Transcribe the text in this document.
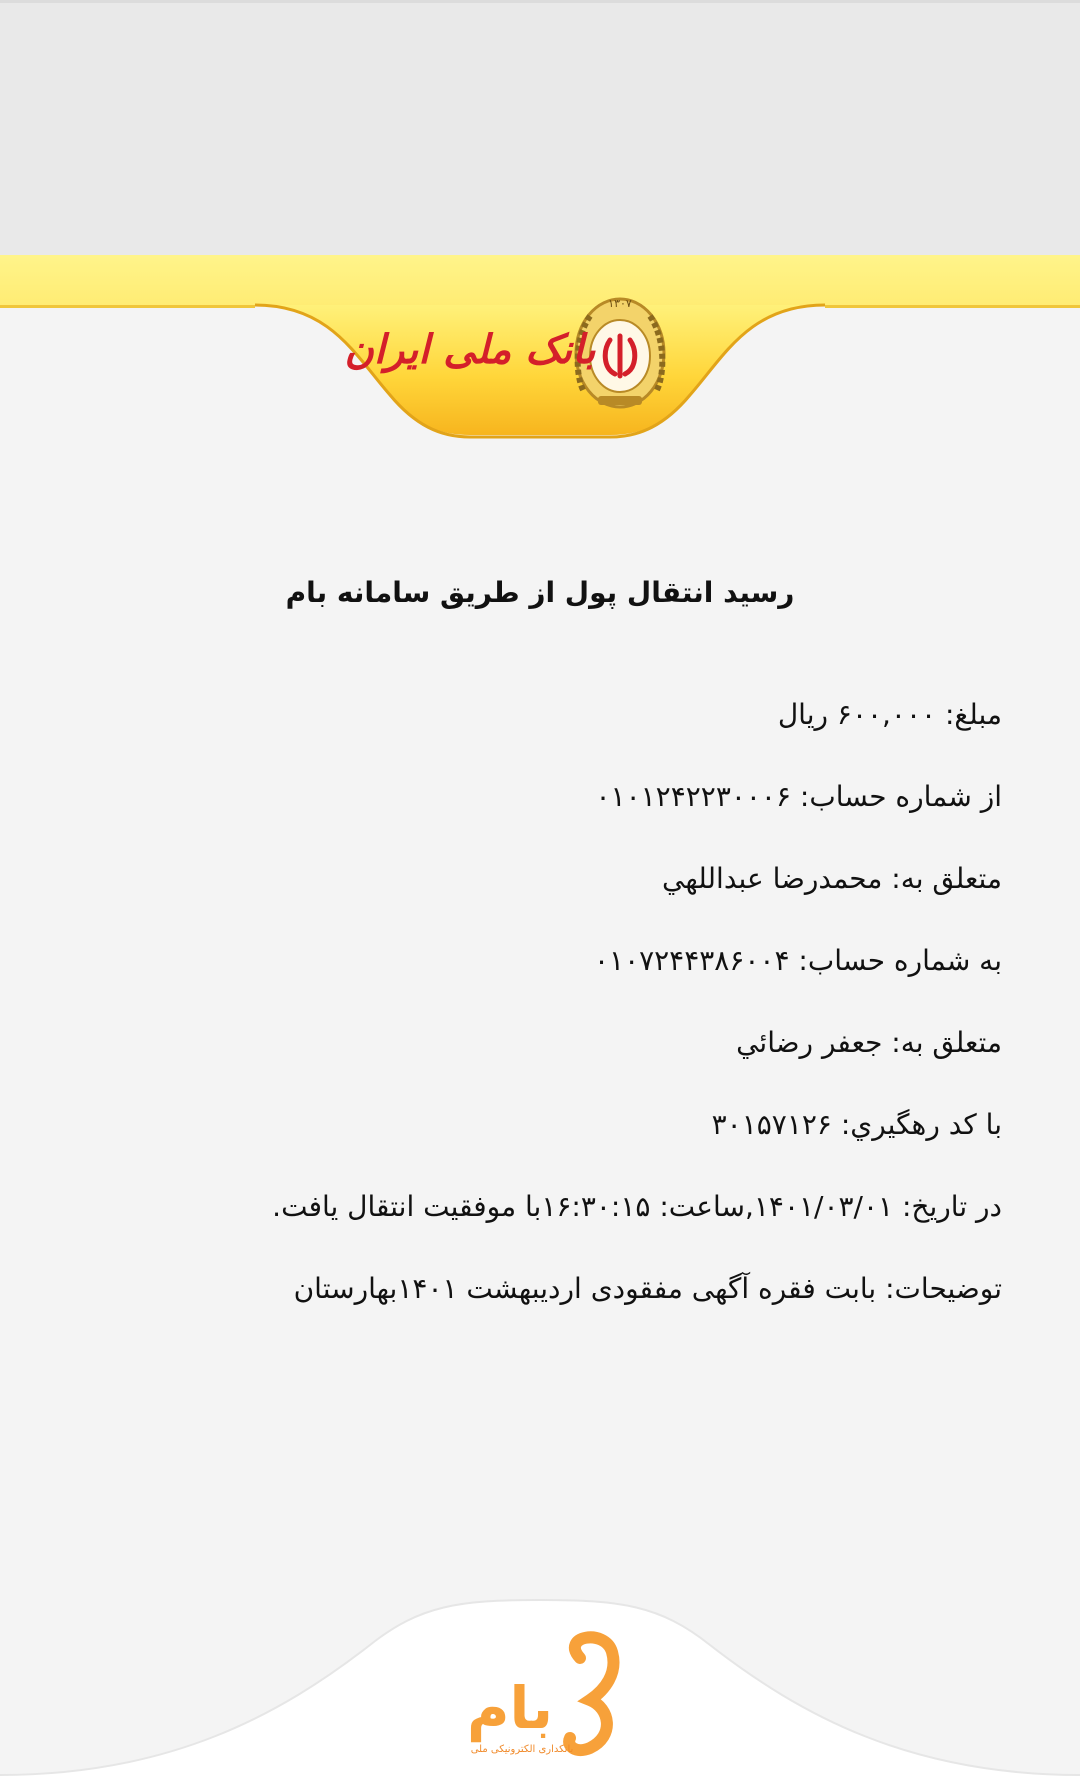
۱۳۰۷
بانک ملی ایران
رسید انتقال پول از طریق سامانه بام
مبلغ: ۶۰۰,۰۰۰ ریال
از شماره حساب: ۰۱۰۱۲۴۲۲۳۰۰۰۶
متعلق به: محمدرضا عبداللهي
به شماره حساب: ۰۱۰۷۲۴۴۳۸۶۰۰۴
متعلق به: جعفر رضائي
با کد رهگيري: ۳۰۱۵۷۱۲۶
در تاريخ: ۱۴۰۱/۰۳/۰۱,ساعت: ۱۶:۳۰:۱۵با موفقيت انتقال يافت.
توضیحات: بابت فقره آگهی مفقودی اردیبهشت ۱۴۰۱بهارستان
بام
بانکداری الکترونیکی ملی
